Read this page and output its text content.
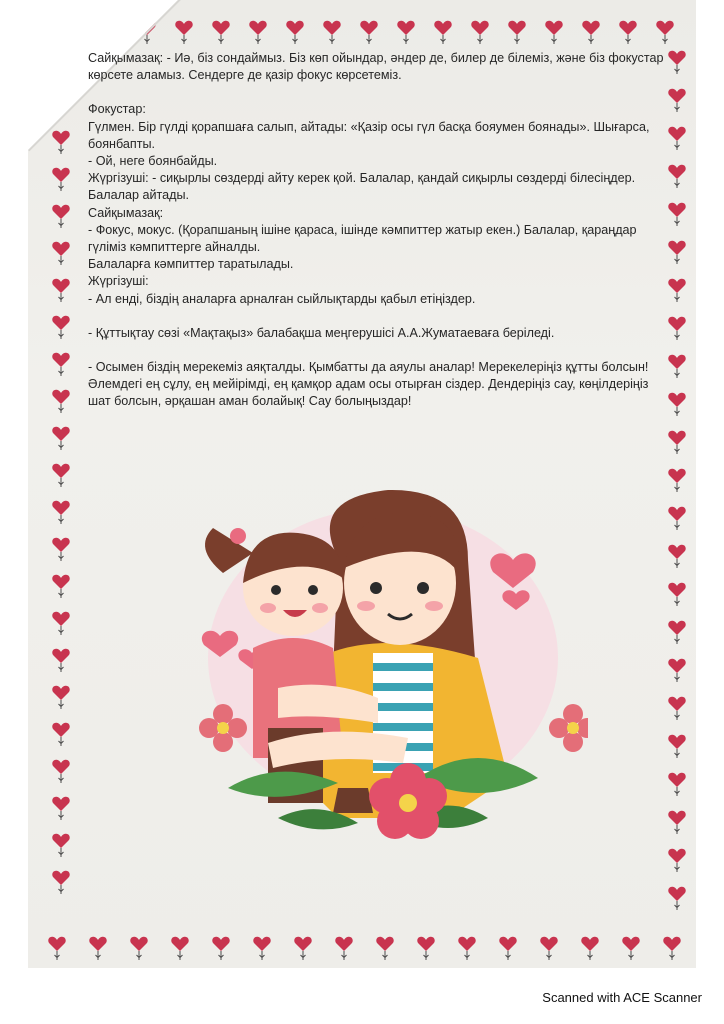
Сайқымазақ: - Иә, біз сондаймыз. Біз көп ойындар, әндер де, билер де білеміз, және біз фокустар
көрсете аламыз. Сендерге де қазір фокус көрсетеміз.
Фокустар:
Гүлмен. Бір гүлді қорапшаға салып, айтады: «Қазір осы гүл басқа бояумен боянады». Шығарса,
боянбапты.
- Ой, неге боянбайды.
Жүргізуші: - сиқырлы сөздерді айту керек қой. Балалар, қандай сиқырлы сөздерді білесіңдер.
Балалар айтады.
Сайқымазақ:
- Фокус, мокус. (Қорапшаның ішіне қараса, ішінде кәмпиттер жатыр екен.) Балалар, қараңдар
гүліміз кәмпиттерге айналды.
Балаларға кәмпиттер таратылады.
Жүргізуші:
- Ал енді, біздің аналарға арналған сыйлықтарды қабыл етіңіздер.
- Құттықтау сөзі «Мақтақыз» балабақша меңгерушісі А.А.Жуматаеваға беріледі.
- Осымен біздің мерекеміз аяқталды. Қымбатты да аяулы аналар! Мерекелеріңіз құтты болсын!
Әлемдегі ең сұлу, ең мейірімді, ең қамқор адам осы отырған сіздер. Дендеріңіз сау, көңілдеріңіз
шат болсын, әрқашан аман болайық! Сау болыңыздар!
Scanned with ACE Scanner
